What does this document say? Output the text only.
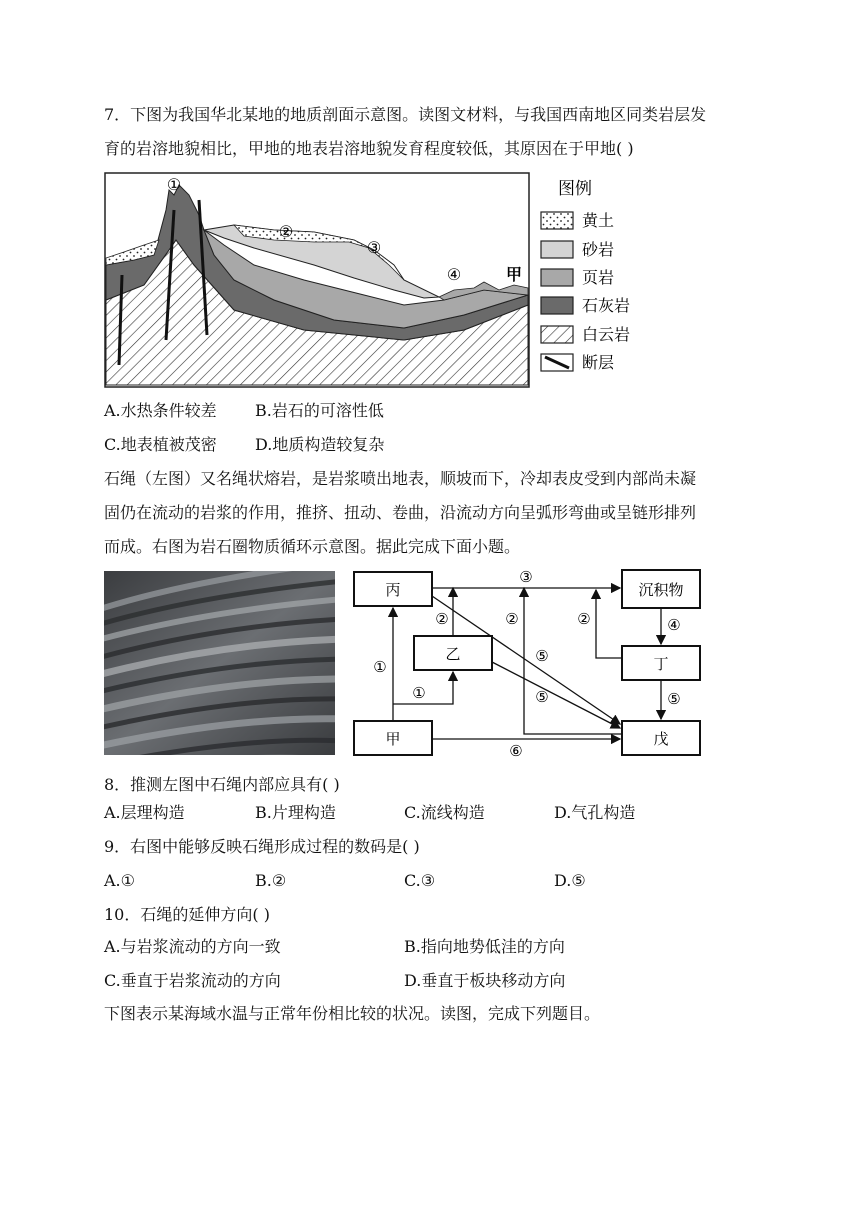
7．下图为我国华北某地的地质剖面示意图。读图文材料，与我国西南地区同类岩层发
育的岩溶地貌相比，甲地的地表岩溶地貌发育程度较低，其原因在于甲地( )
①
②
③
④	甲
图例
黄土
砂岩
页岩
石灰岩
白云岩
断层
A.水热条件较差 B.岩石的可溶性低
C.地表植被茂密 D.地质构造较复杂
石绳（左图）又名绳状熔岩，是岩浆喷出地表，顺坡而下，冷却表皮受到内部尚未凝
固仍在流动的岩浆的作用，推挤、扭动、卷曲，沿流动方向呈弧形弯曲或呈链形排列
而成。右图为岩石圈物质循环示意图。据此完成下面小题。
丙
乙
甲
沉积物
丁
戊
①
①
②
③
②	②	④
⑤
⑤
⑤
⑥
8．推测左图中石绳内部应具有( )
A.层理构造	B.片理构造	C.流线构造	D.气孔构造
9．右图中能够反映石绳形成过程的数码是( )
A.①	B.②	C.③	D.⑤
10．石绳的延伸方向( )
A.与岩浆流动的方向一致	B.指向地势低洼的方向
C.垂直于岩浆流动的方向	D.垂直于板块移动方向
下图表示某海域水温与正常年份相比较的状况。读图，完成下列题目。
